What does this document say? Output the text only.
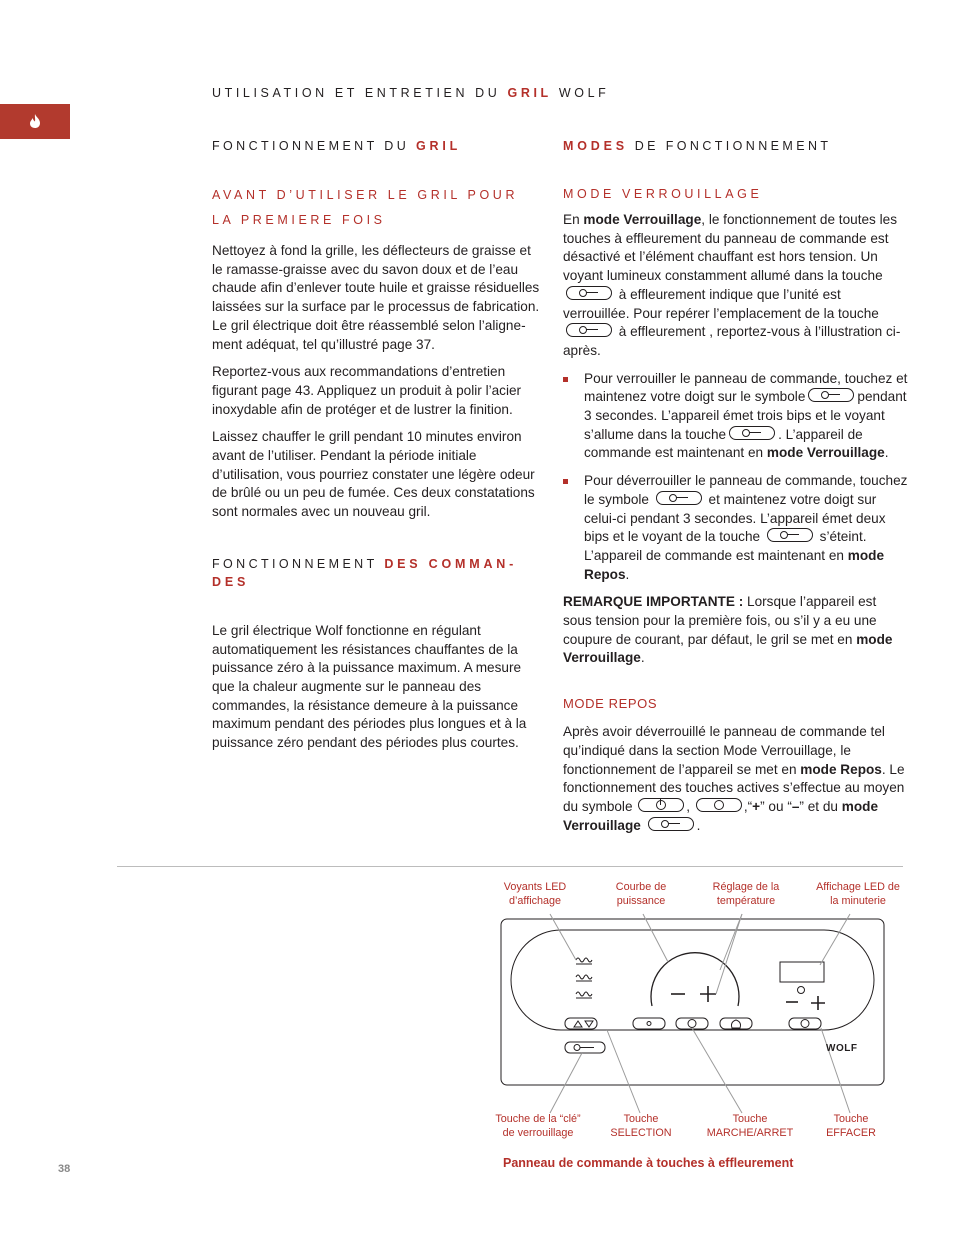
UTILISATION ET ENTRETIEN DU GRIL WOLF
FONCTIONNEMENT DU GRIL
AVANT D’UTILISER LE GRIL POUR
LA PREMIERE FOIS

Nettoyez à fond la grille, les déflecteurs de graisse et le ramasse-graisse avec du savon doux et de l’eau chaude afin d’enlever toute huile et graisse résiduelles laissées sur la surface par le processus de fabrication. Le gril électrique doit être réassemblé selon l’alignement adéquat, tel qu’illustré page 37.

Reportez-vous aux recommandations d’entretien figurant page 43. Appliquez un produit à polir l’acier inoxydable afin de protéger et de lustrer la finition.

Laissez chauffer le grill pendant 10 minutes environ avant de l’utiliser. Pendant la période initiale d’utilisation, vous pourriez constater une légère odeur de brûlé ou un peu de fumée. Ces deux constatations sont normales avec un nouveau gril.

FONCTIONNEMENT DES COMMAN-
DES

Le gril électrique Wolf fonctionne en régulant automatiquement les résistances chauffantes de la puissance zéro à la puissance maximum. A mesure que la chaleur augmente sur le panneau des commandes, la résistance demeure à la puissance maximum pendant des périodes plus longues et à la puissance zéro pendant des périodes plus courtes.

MODES DE FONCTIONNEMENT
MODE VERROUILLAGE

En mode Verrouillage, le fonctionnement de toutes les touches à effleurement du panneau de commande est désactivé et l’élément chauffant est hors tension. Un voyant lumineux constamment allumé dans la touche  à effleurement indique que l’unité est verrouillée. Pour repérer l’emplacement de la touche  à effleurement , reportez-vous à l’illustration ci-après.

Pour verrouiller le panneau de commande, touchez et maintenez votre doigt sur le symbole	pendant 3 secondes. L’appareil émet trois bips et le voyant s’allume dans la touche	. L’appareil de commande est maintenant en mode Verrouillage.
Pour déverrouiller le panneau de commande, touchez le symbole	et maintenez votre doigt sur celui-ci pendant 3 secondes. L’appareil émet deux bips et le voyant de la touche	s’éteint. L’appareil de commande est maintenant en mode Repos.

REMARQUE IMPORTANTE : Lorsque l’appareil est sous tension pour la première fois, ou s’il y a eu une coupure de courant, par défaut, le gril se met en mode Verrouillage.

MODE REPOS

Après avoir déverrouillé le panneau de commande tel qu’indiqué dans la section Mode Verrouillage, le fonctionnement de l’appareil se met en mode Repos. Le fonctionnement des touches actives s’effectue au moyen du symbole	,	,“+” ou “–” et du mode Verrouillage	.

Voyants LED
d’affichage
Courbe de
puissance
Réglage de la
température
Affichage LED de
la minuterie
WOLF
Touche de la “clé”
de verrouillage
Touche
SELECTION
Touche
MARCHE/ARRET
Touche
EFFACER
Panneau de commande à touches à effleurement
38
